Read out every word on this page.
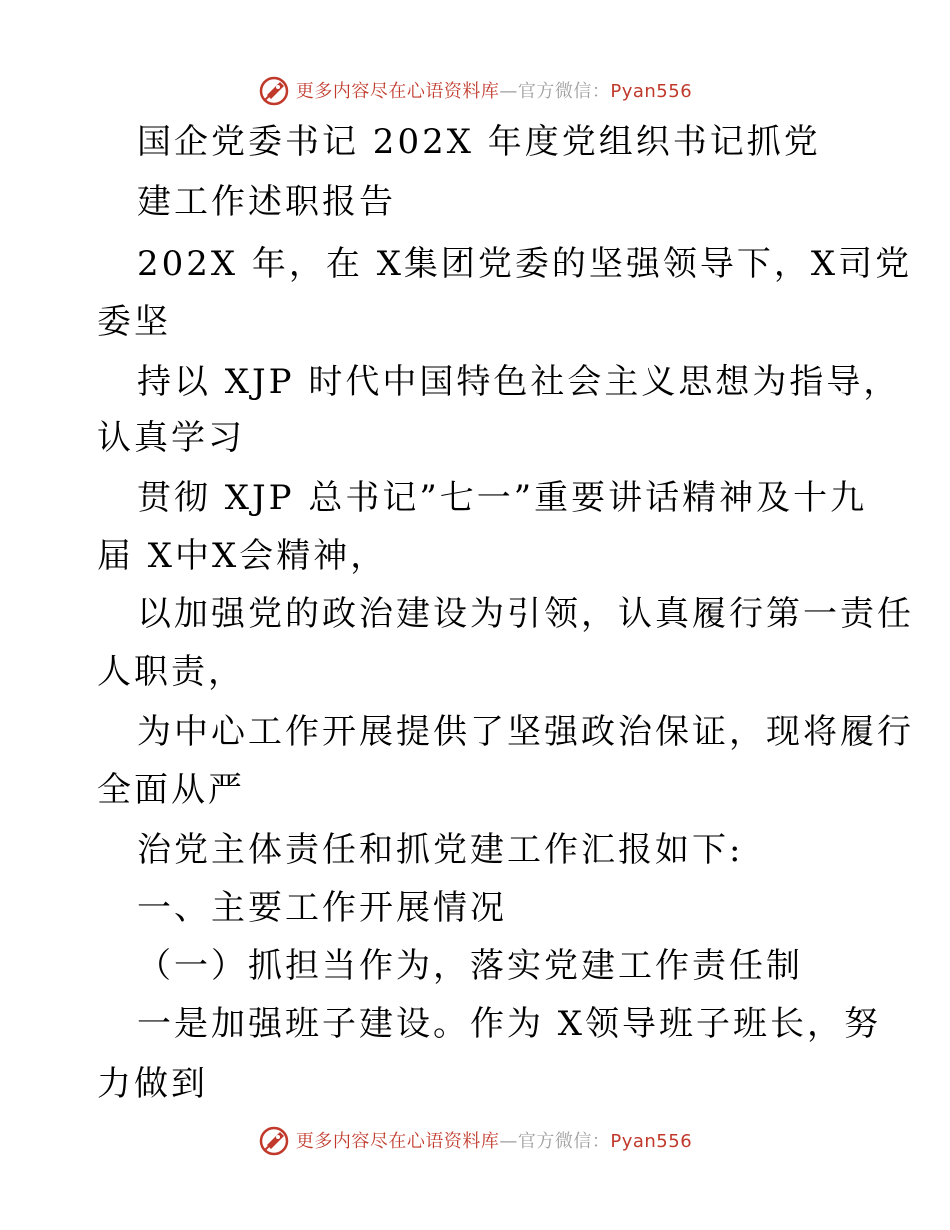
更多内容尽在心语资料库—官方微信：Pyan556
国企党委书记 202X 年度党组织书记抓党
建工作述职报告
202X 年，在 X集团党委的坚强领导下，X司党
委坚
持以 XJP 时代中国特色社会主义思想为指导，
认真学习
贯彻 XJP 总书记”七一”重要讲话精神及十九
届 X中X会精神，
以加强党的政治建设为引领，认真履行第一责任
人职责，
为中心工作开展提供了坚强政治保证，现将履行
全面从严
治党主体责任和抓党建工作汇报如下:
一、主要工作开展情况
（一）抓担当作为，落实党建工作责任制
一是加强班子建设。作为 X领导班子班长，努
力做到
更多内容尽在心语资料库—官方微信：Pyan556
